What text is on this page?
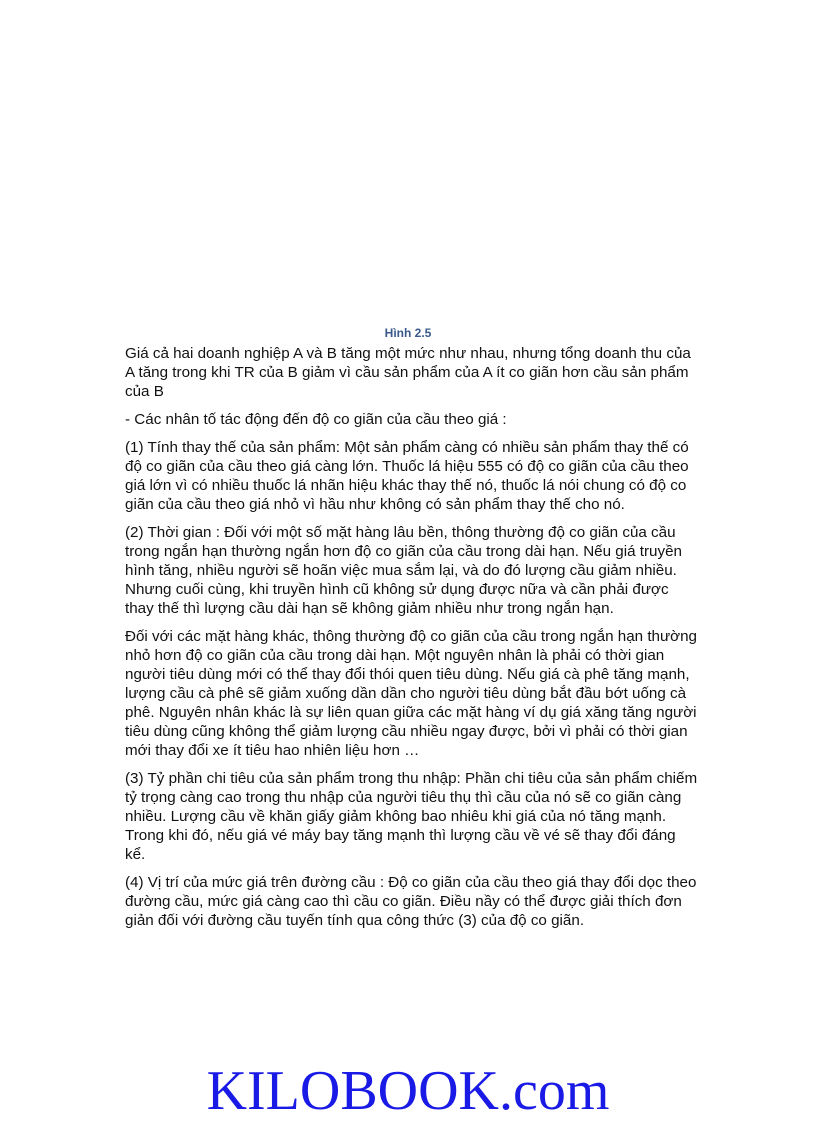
Hình 2.5

Giá cả hai doanh nghiệp A và B tăng một mức như nhau, nhưng tổng doanh thu của A tăng trong khi TR của B giảm vì cầu sản phẩm của A ít co giãn hơn cầu sản phẩm của B

- Các nhân tố tác động đến độ co giãn của cầu theo giá :

(1) Tính thay thế của sản phẩm: Một sản phẩm càng có nhiều sản phẩm thay thế có độ co giãn của cầu theo giá càng lớn. Thuốc lá hiệu 555 có độ co giãn của cầu theo giá lớn vì có nhiều thuốc lá nhãn hiệu khác thay thế nó, thuốc lá nói chung có độ co giãn của cầu theo giá nhỏ vì hầu như không có sản phẩm thay thế cho nó.

(2) Thời gian : Đối với một số mặt hàng lâu bền, thông thường độ co giãn của cầu trong ngắn hạn thường ngắn hơn độ co giãn của cầu trong dài hạn. Nếu giá truyền hình tăng, nhiều người sẽ hoãn việc mua sắm lại, và do đó lượng cầu giảm nhiều. Nhưng cuối cùng, khi truyền hình cũ không sử dụng được nữa và cần phải được thay thế thì lượng cầu dài hạn sẽ không giảm nhiều như trong ngắn hạn.

Đối với các mặt hàng khác, thông thường độ co giãn của cầu trong ngắn hạn thường nhỏ hơn độ co giãn của cầu trong dài hạn. Một nguyên nhân là phải có thời gian người tiêu dùng mới có thể thay đổi thói quen tiêu dùng. Nếu giá cà phê tăng mạnh, lượng cầu cà phê sẽ giảm xuống dần dần cho người tiêu dùng bắt đầu bớt uống cà phê. Nguyên nhân khác là sự liên quan giữa các mặt hàng ví dụ giá xăng tăng người tiêu dùng cũng không thể giảm lượng cầu nhiều ngay được, bởi vì phải có thời gian mới thay đổi xe ít tiêu hao nhiên liệu hơn …

(3) Tỷ phần chi tiêu của sản phẩm trong thu nhập: Phần chi tiêu của sản phẩm chiếm tỷ trọng càng cao trong thu nhập của người tiêu thụ thì cầu của nó sẽ co giãn càng nhiều. Lượng cầu về khăn giấy giảm không bao nhiêu khi giá của nó tăng mạnh. Trong khi đó, nếu giá vé máy bay tăng mạnh thì lượng cầu về vé sẽ thay đổi đáng kể.

(4) Vị trí của mức giá trên đường cầu : Độ co giãn của cầu theo giá thay đổi dọc theo đường cầu, mức giá càng cao thì cầu co giãn. Điều nầy có thể được giải thích đơn giản đối với đường cầu tuyến tính qua công thức (3) của độ co giãn.

KILOBOOK.com
